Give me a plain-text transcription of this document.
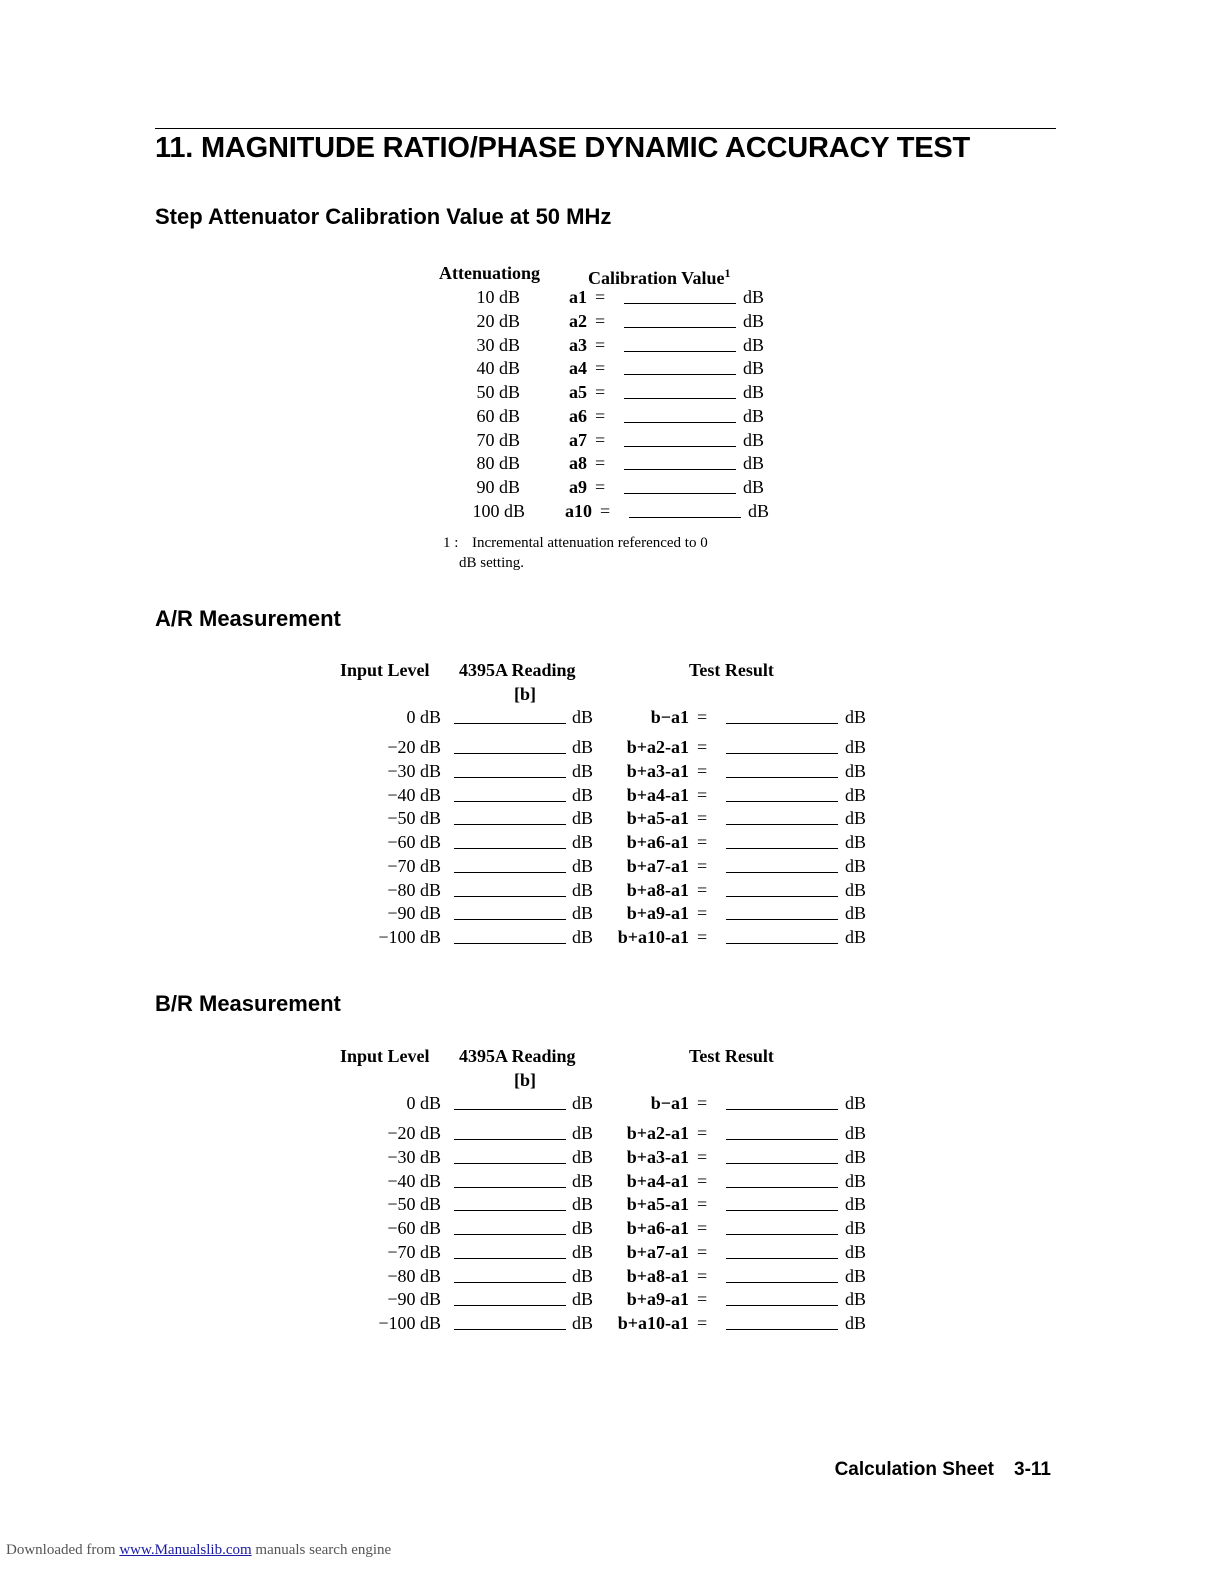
11. MAGNITUDE RATIO/PHASE DYNAMIC ACCURACY TEST
Step Attenuator Calibration Value at 50 MHz
Attenuationg	Calibration Value$^1$
10 dB	a1 =	dB
20 dB	a2 =	dB
30 dB	a3 =	dB
40 dB	a4 =	dB
50 dB	a5 =	dB
60 dB	a6 =	dB
70 dB	a7 =	dB
80 dB	a8 =	dB
90 dB	a9 =	dB
100 dB	a10 =	dB
1 : Incremental attenuation referenced to 0
dB setting.
A/R Measurement
Input Level 4395A Reading
[b]
Test Result
0 dB	dB	b−a1 =	dB
−20 dB	dB	b+a2-a1 =	dB
−30 dB	dB	b+a3-a1 =	dB
−40 dB	dB	b+a4-a1 =	dB
−50 dB	dB	b+a5-a1 =	dB
−60 dB	dB	b+a6-a1 =	dB
−70 dB	dB	b+a7-a1 =	dB
−80 dB	dB	b+a8-a1 =	dB
−90 dB	dB	b+a9-a1 =	dB
−100 dB	dB	b+a10-a1 =	dB
B/R Measurement
Input Level 4395A Reading
[b]
Test Result
0 dB	dB	b−a1 =	dB
−20 dB	dB	b+a2-a1 =	dB
−30 dB	dB	b+a3-a1 =	dB
−40 dB	dB	b+a4-a1 =	dB
−50 dB	dB	b+a5-a1 =	dB
−60 dB	dB	b+a6-a1 =	dB
−70 dB	dB	b+a7-a1 =	dB
−80 dB	dB	b+a8-a1 =	dB
−90 dB	dB	b+a9-a1 =	dB
−100 dB	dB	b+a10-a1 =	dB
Calculation Sheet 3-11
Downloaded from www.Manualslib.com manuals search engine
